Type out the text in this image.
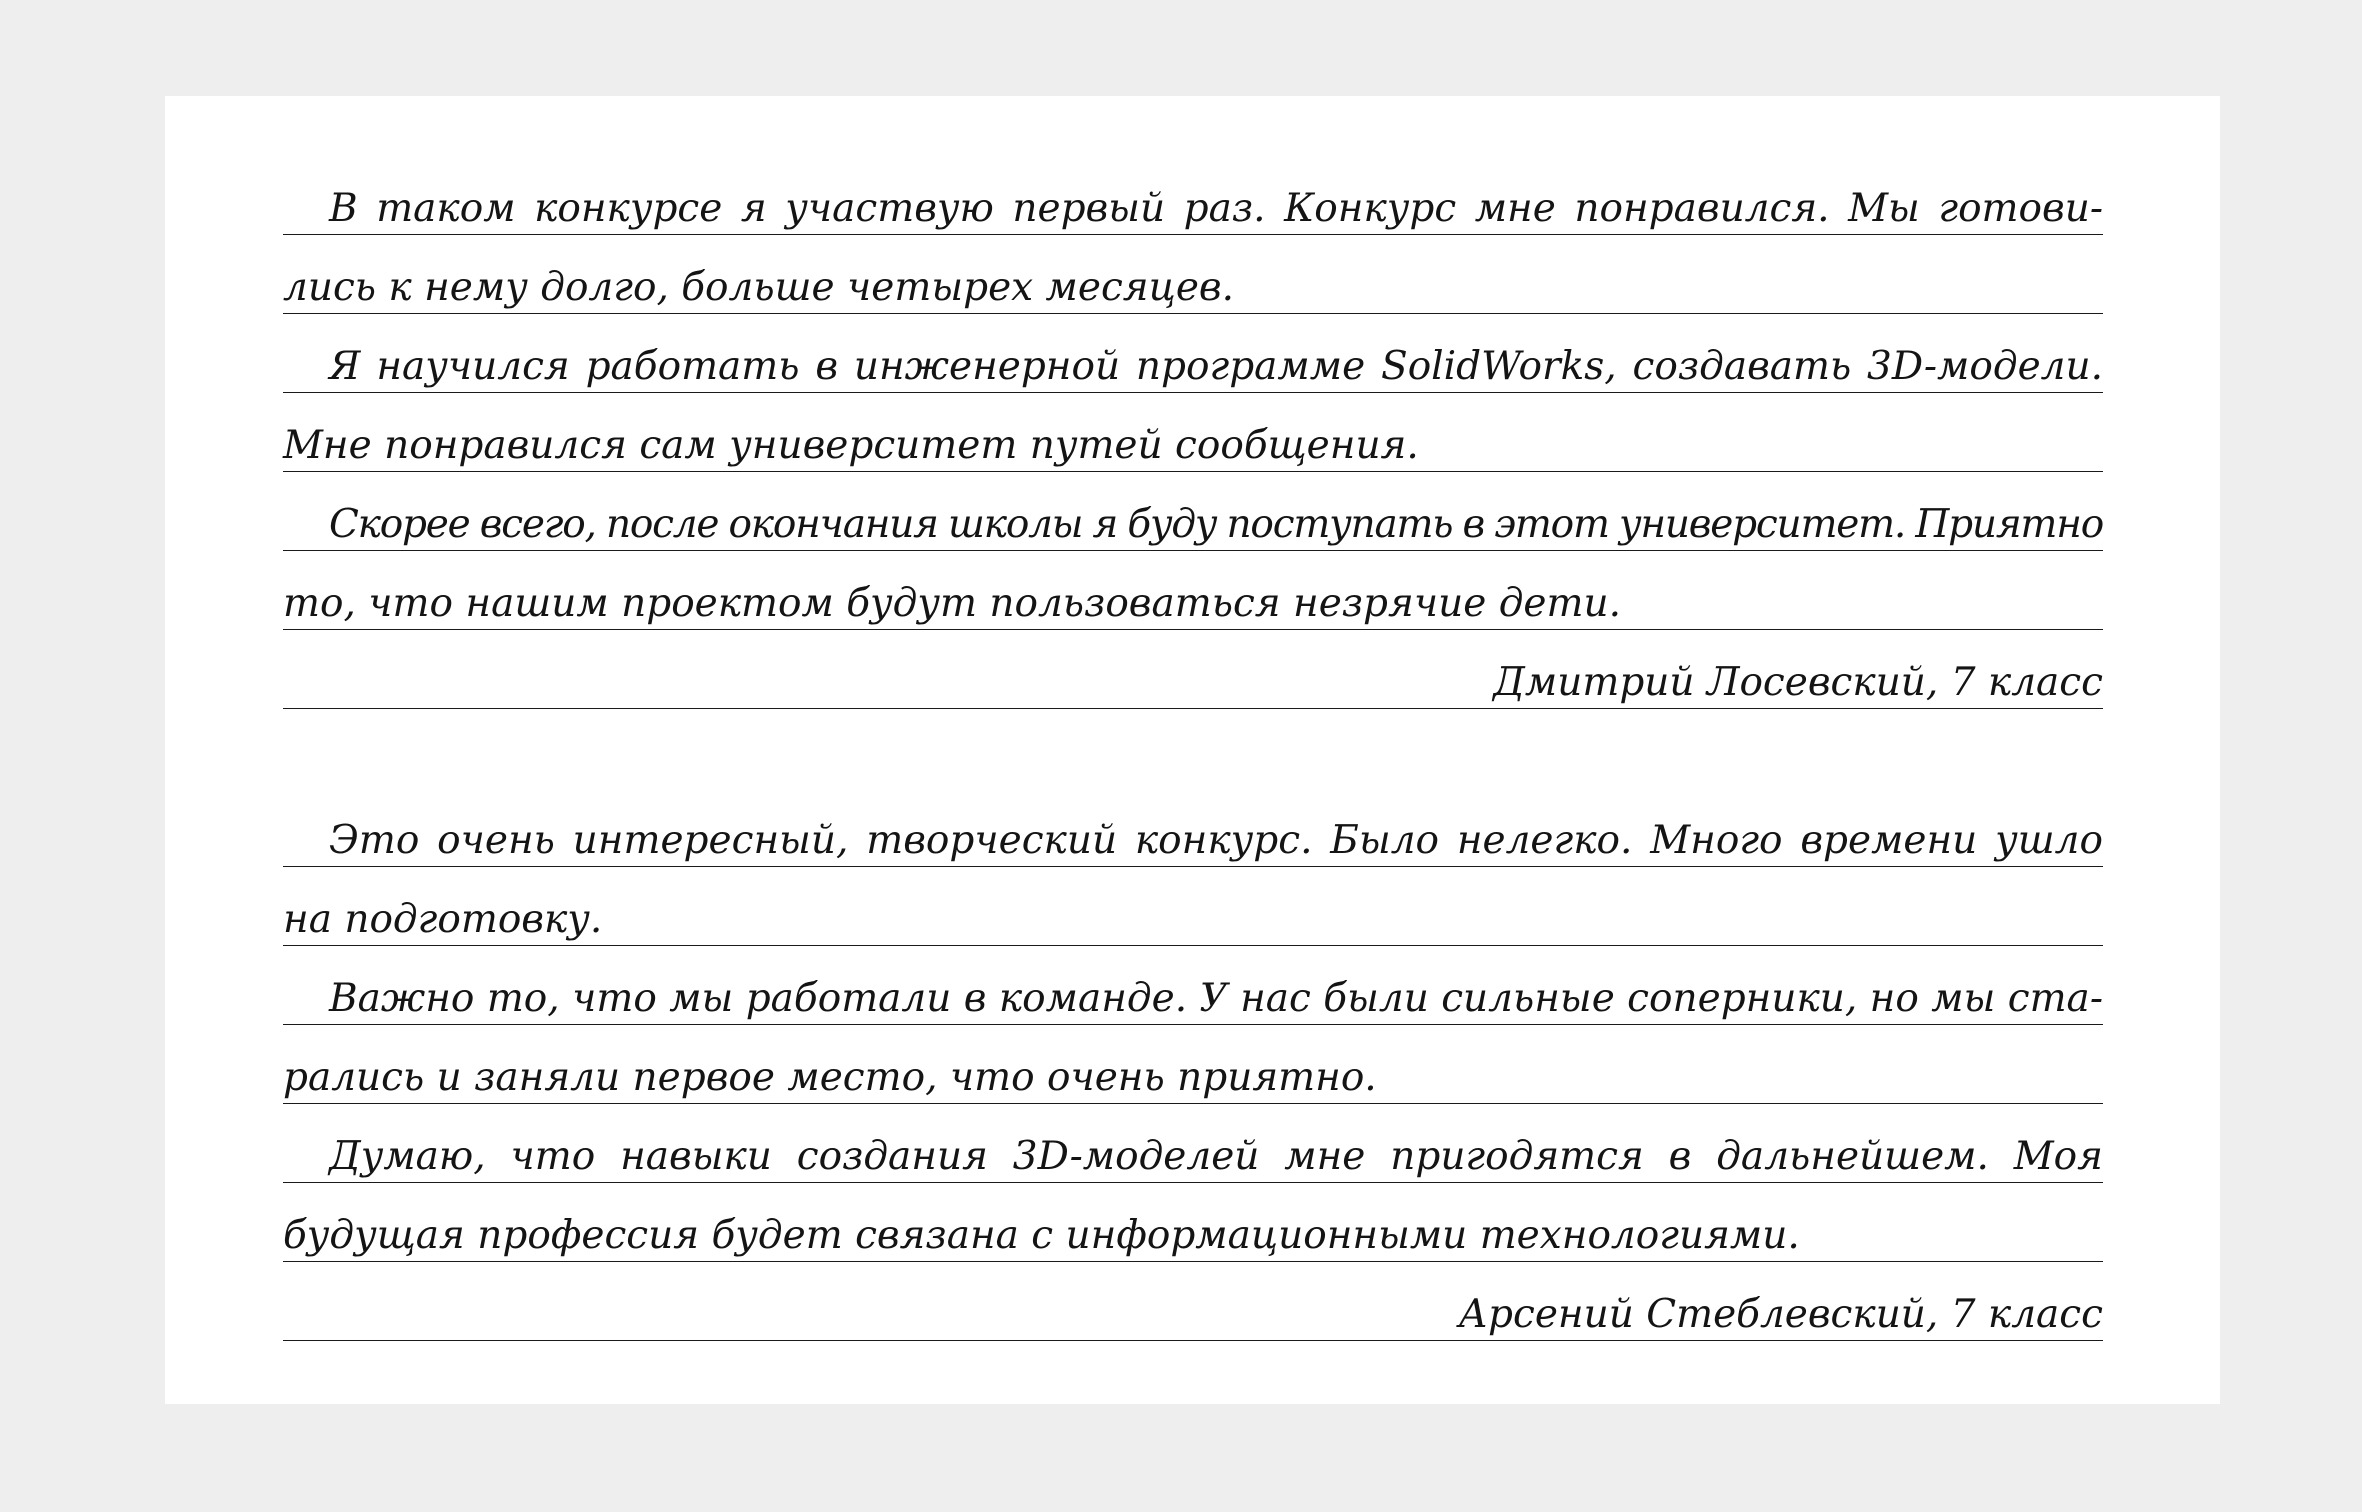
В таком конкурсе я участвую первый раз. Конкурс мне понравился. Мы готови-
лись к нему долго, больше четырех месяцев.
Я научился работать в инженерной программе SolidWorks, создавать 3D-модели.
Мне понравился сам университет путей сообщения.
Скорее всего, после окончания школы я буду поступать в этот университет. Приятно
то, что нашим проектом будут пользоваться незрячие дети.
Дмитрий Лосевский, 7 класс
Это очень интересный, творческий конкурс. Было нелегко. Много времени ушло
на подготовку.
Важно то, что мы работали в команде. У нас были сильные соперники, но мы ста-
рались и заняли первое место, что очень приятно.
Думаю, что навыки создания 3D-моделей мне пригодятся в дальнейшем. Моя
будущая профессия будет связана с информационными технологиями.
Арсений Стеблевский, 7 класс
